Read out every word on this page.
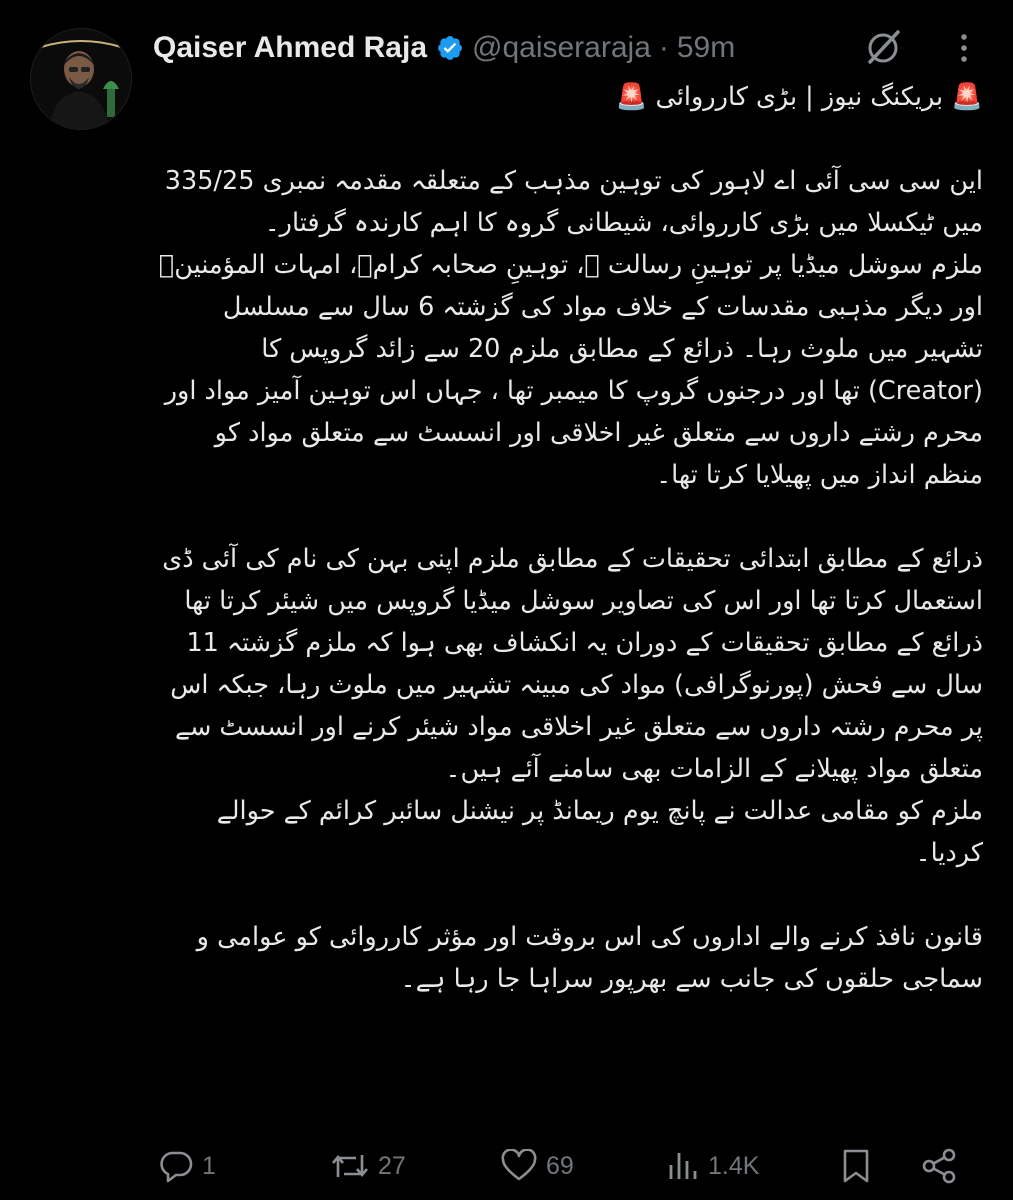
Qaiser Ahmed Raja @qaiseraraja · 59m

🚨 بریکنگ نیوز | بڑی کارروائی 🚨

این سی سی آئی اے لاہور کی توہین مذہب کے متعلقہ مقدمہ نمبری 335/25 میں ٹیکسلا میں بڑی کارروائی، شیطانی گروہ کا اہم کارندہ گرفتار۔
ملزم سوشل میڈیا پر توہینِ رسالت ﷺ، توہینِ صحابہ کرامؓ، امہات المؤمنینؓ اور دیگر مذہبی مقدسات کے خلاف مواد کی گزشتہ 6 سال سے مسلسل تشہیر میں ملوث رہا۔ ذرائع کے مطابق ملزم 20 سے زائد گروپس کا (Creator) تھا اور درجنوں گروپ کا میمبر تھا ، جہاں اس توہین آمیز مواد اور محرم رشتے داروں سے متعلق غیر اخلاقی اور انسسٹ سے متعلق مواد کو منظم انداز میں پھیلایا کرتا تھا۔

ذرائع کے مطابق ابتدائی تحقیقات کے مطابق ملزم اپنی بہن کی نام کی آئی ڈی استعمال کرتا تھا اور اس کی تصاویر سوشل میڈیا گروپس میں شیئر کرتا تھا
ذرائع کے مطابق تحقیقات کے دوران یہ انکشاف بھی ہوا کہ ملزم گزشتہ 11 سال سے فحش (پورنوگرافی) مواد کی مبینہ تشہیر میں ملوث رہا، جبکہ اس پر محرم رشتہ داروں سے متعلق غیر اخلاقی مواد شیئر کرنے اور انسسٹ سے متعلق مواد پھیلانے کے الزامات بھی سامنے آئے ہیں۔
ملزم کو مقامی عدالت نے پانچ یوم ریمانڈ پر نیشنل سائبر کرائم کے حوالے کردیا۔

قانون نافذ کرنے والے اداروں کی اس بروقت اور مؤثر کارروائی کو عوامی و سماجی حلقوں کی جانب سے بھرپور سراہا جا رہا ہے۔

1	27	69	1.4K
